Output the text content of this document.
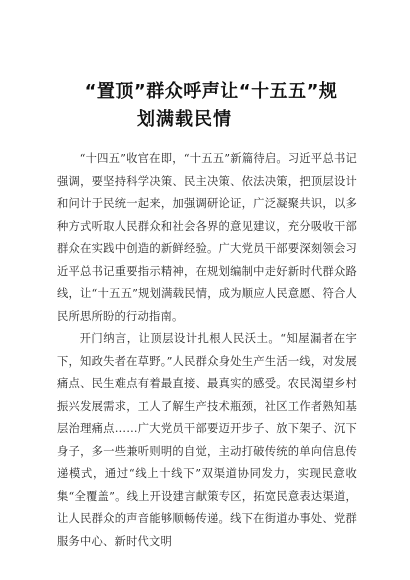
“置顶”群众呼声让“十五五”规
划满载民情

“十四五”收官在即，“十五五”新篇待启。习近平总书记强调，要坚持科学决策、民主决策、依法决策，把顶层设计和问计于民统一起来，加强调研论证，广泛凝聚共识，以多种方式听取人民群众和社会各界的意见建议，充分吸收干部群众在实践中创造的新鲜经验。广大党员干部要深刻领会习近平总书记重要指示精神，在规划编制中走好新时代群众路线，让“十五五”规划满载民情，成为顺应人民意愿、符合人民所思所盼的行动指南。

开门纳言，让顶层设计扎根人民沃土。“知屋漏者在宇下，知政失者在草野。”人民群众身处生产生活一线，对发展痛点、民生难点有着最直接、最真实的感受。农民渴望乡村振兴发展需求，工人了解生产技术瓶颈，社区工作者熟知基层治理痛点……广大党员干部要迈开步子、放下架子、沉下身子，多一些兼听则明的自觉，主动打破传统的单向信息传递模式，通过“线上十线下”双渠道协同发力，实现民意收集“全覆盖”。线上开设建言献策专区，拓宽民意表达渠道，让人民群众的声音能够顺畅传递。线下在街道办事处、党群服务中心、新时代文明
